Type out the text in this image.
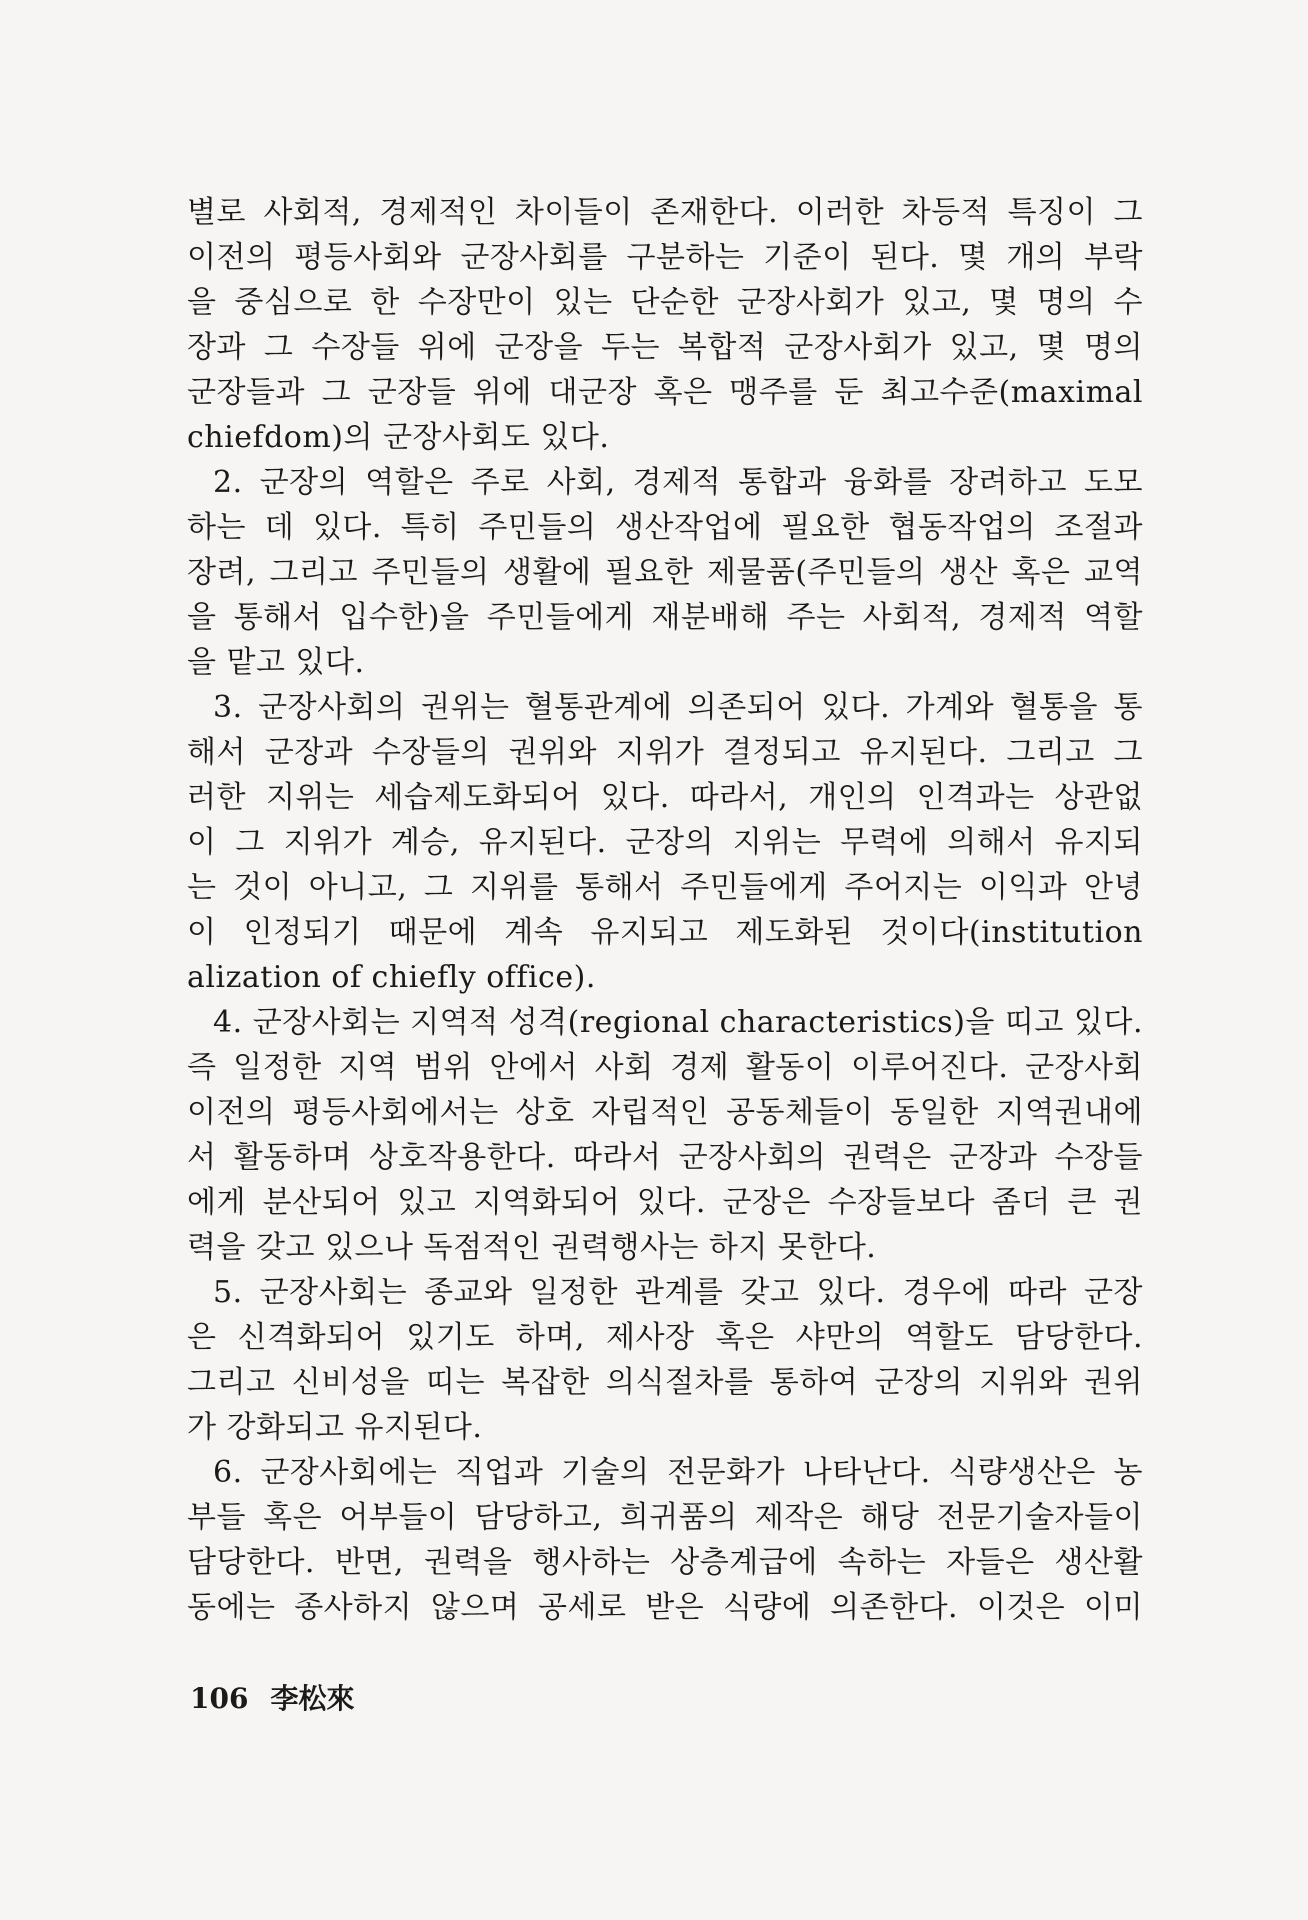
별로 사회적, 경제적인 차이들이 존재한다. 이러한 차등적 특징이 그
이전의 평등사회와 군장사회를 구분하는 기준이 된다. 몇 개의 부락
을 중심으로 한 수장만이 있는 단순한 군장사회가 있고, 몇 명의 수
장과 그 수장들 위에 군장을 두는 복합적 군장사회가 있고, 몇 명의
군장들과 그 군장들 위에 대군장 혹은 맹주를 둔 최고수준(maximal
chiefdom)의 군장사회도 있다.
2. 군장의 역할은 주로 사회, 경제적 통합과 융화를 장려하고 도모
하는 데 있다. 특히 주민들의 생산작업에 필요한 협동작업의 조절과
장려, 그리고 주민들의 생활에 필요한 제물품(주민들의 생산 혹은 교역
을 통해서 입수한)을 주민들에게 재분배해 주는 사회적, 경제적 역할
을 맡고 있다.
3. 군장사회의 권위는 혈통관계에 의존되어 있다. 가계와 혈통을 통
해서 군장과 수장들의 권위와 지위가 결정되고 유지된다. 그리고 그
러한 지위는 세습제도화되어 있다. 따라서, 개인의 인격과는 상관없
이 그 지위가 계승, 유지된다. 군장의 지위는 무력에 의해서 유지되
는 것이 아니고, 그 지위를 통해서 주민들에게 주어지는 이익과 안녕
이 인정되기 때문에 계속 유지되고 제도화된 것이다(institution
alization of chiefly office).
4. 군장사회는 지역적 성격(regional characteristics)을 띠고 있다.
즉 일정한 지역 범위 안에서 사회 경제 활동이 이루어진다. 군장사회
이전의 평등사회에서는 상호 자립적인 공동체들이 동일한 지역권내에
서 활동하며 상호작용한다. 따라서 군장사회의 권력은 군장과 수장들
에게 분산되어 있고 지역화되어 있다. 군장은 수장들보다 좀더 큰 권
력을 갖고 있으나 독점적인 권력행사는 하지 못한다.
5. 군장사회는 종교와 일정한 관계를 갖고 있다. 경우에 따라 군장
은 신격화되어 있기도 하며, 제사장 혹은 샤만의 역할도 담당한다.
그리고 신비성을 띠는 복잡한 의식절차를 통하여 군장의 지위와 권위
가 강화되고 유지된다.
6. 군장사회에는 직업과 기술의 전문화가 나타난다. 식량생산은 농
부들 혹은 어부들이 담당하고, 희귀품의 제작은 해당 전문기술자들이
담당한다. 반면, 권력을 행사하는 상층계급에 속하는 자들은 생산활
동에는 종사하지 않으며 공세로 받은 식량에 의존한다. 이것은 이미
106 李松來
